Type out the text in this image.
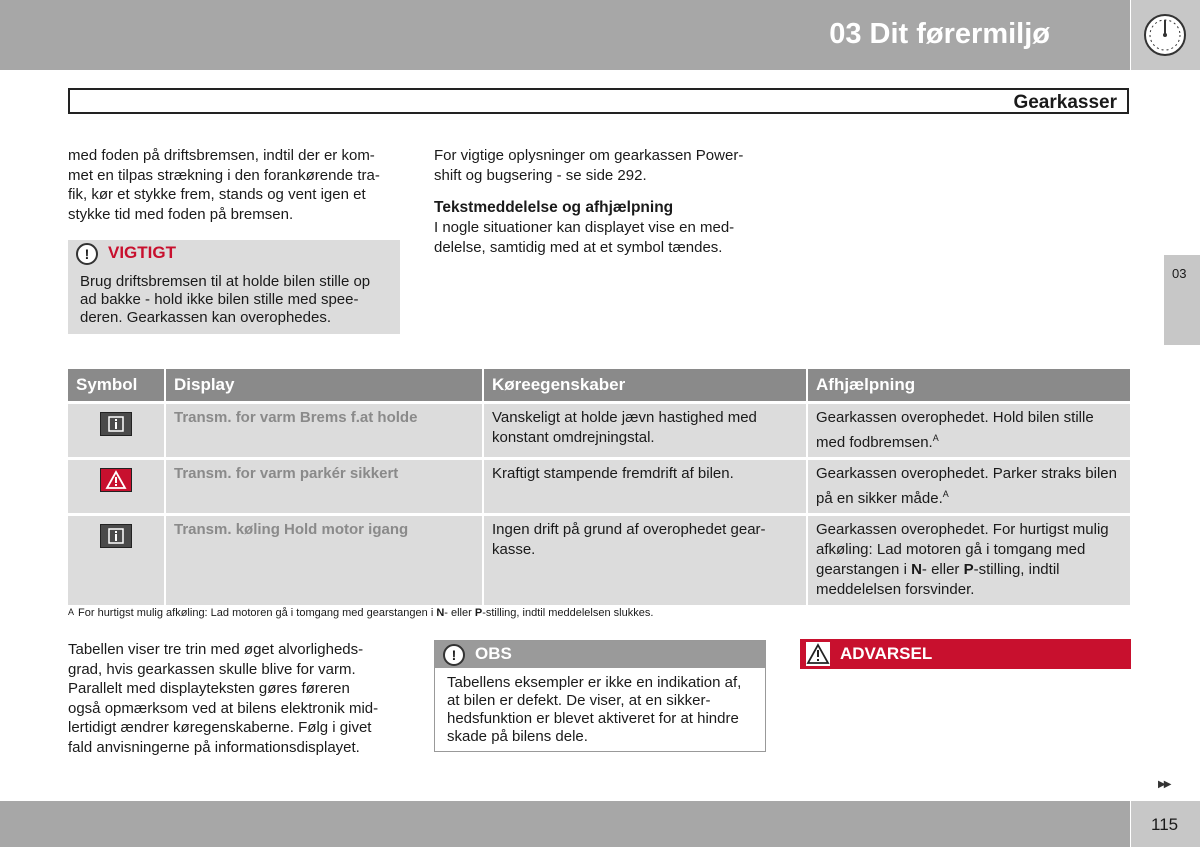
03 Dit førermiljø
Gearkasser
03
med foden på driftsbremsen, indtil der er kom-
met en tilpas strækning i den forankørende tra-
fik, kør et stykke frem, stands og vent igen et
stykke tid med foden på bremsen.
!	VIGTIGT
Brug driftsbremsen til at holde bilen stille op
ad bakke - hold ikke bilen stille med spee-
deren. Gearkassen kan overophedes.
For vigtige oplysninger om gearkassen Power-
shift og bugsering - se side 292.
Tekstmeddelelse og afhjælpning
I nogle situationer kan displayet vise en med-
delelse, samtidig med at et symbol tændes.
Symbol	Display	Køreegenskaber	Afhjælpning

	Transm. for varm Brems f.at holde	Vanskeligt at holde jævn hastighed med konstant omdrejningstal.	Gearkassen overophedet. Hold bilen stille med fodbremsen.$^A$

	Transm. for varm parkér sikkert	Kraftigt stampende fremdrift af bilen.	Gearkassen overophedet. Parker straks bilen på en sikker måde.$^A$

	Transm. køling Hold motor igang	Ingen drift på grund af overophedet gear-
kasse.	Gearkassen overophedet. For hurtigst mulig afkøling: Lad motoren gå i tomgang med gearstangen i N- eller P-stilling, indtil meddelelsen forsvinder.
$^A$ For hurtigst mulig afkøling: Lad motoren gå i tomgang med gearstangen i N- eller P-stilling, indtil meddelelsen slukkes.
Tabellen viser tre trin med øget alvorligheds-
grad, hvis gearkassen skulle blive for varm.
Parallelt med displayteksten gøres føreren
også opmærksom ved at bilens elektronik mid-
lertidigt ændrer køregenskaberne. Følg i givet
fald anvisningerne på informationsdisplayet.
!	OBS
Tabellens eksempler er ikke en indikation af,
at bilen er defekt. De viser, at en sikker-
hedsfunktion er blevet aktiveret for at hindre
skade på bilens dele.
ADVARSEL
▶▶
115
